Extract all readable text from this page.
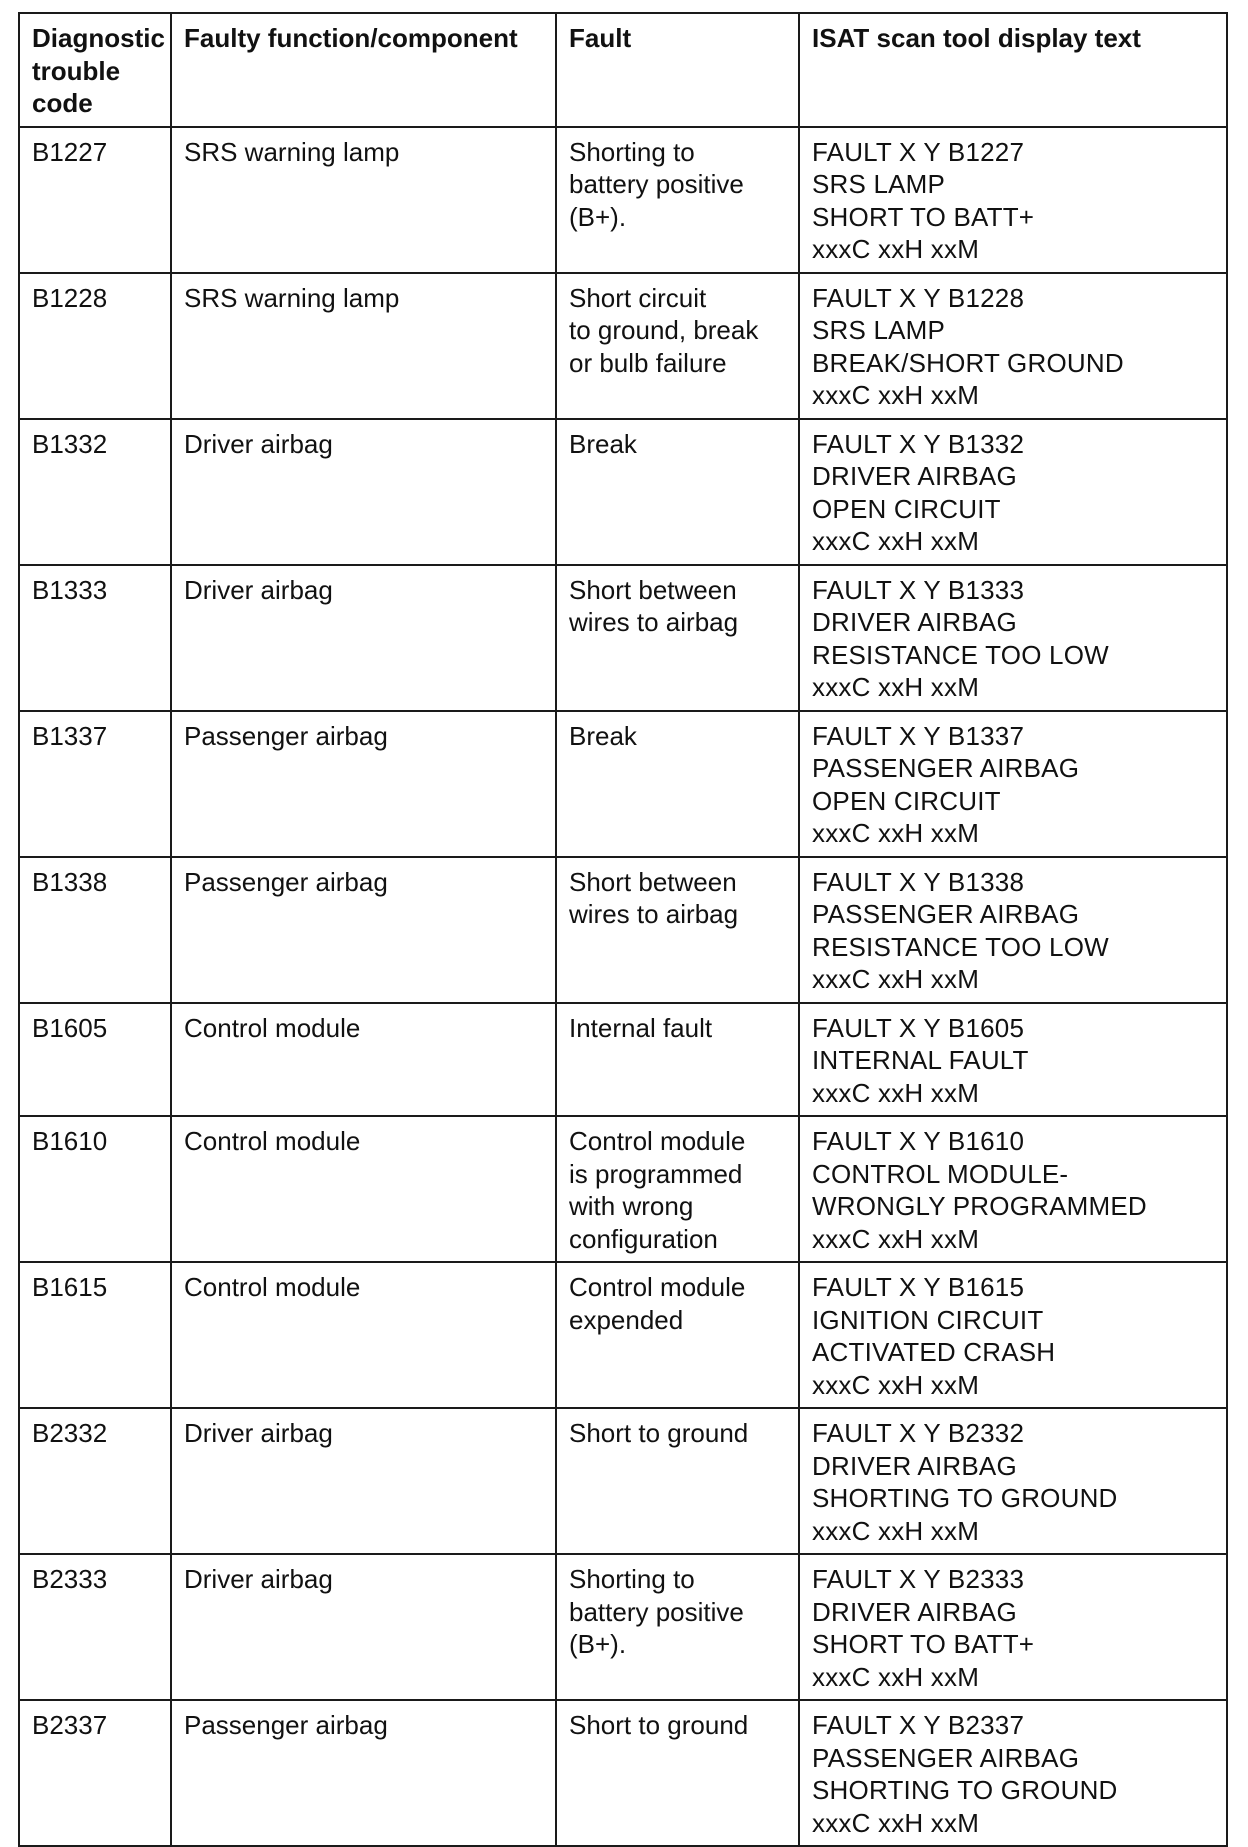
Diagnostic trouble code	Faulty function/component	Fault	ISAT scan tool display text
B1227	SRS warning lamp	Shorting to
battery positive
(B+).	FAULT X Y B1227
SRS LAMP
SHORT TO BATT+
xxxC xxH xxM
B1228	SRS warning lamp	Short circuit
to ground, break
or bulb failure	FAULT X Y B1228
SRS LAMP
BREAK/SHORT GROUND
xxxC xxH xxM
B1332	Driver airbag	Break	FAULT X Y B1332
DRIVER AIRBAG
OPEN CIRCUIT
xxxC xxH xxM
B1333	Driver airbag	Short between
wires to airbag	FAULT X Y B1333
DRIVER AIRBAG
RESISTANCE TOO LOW
xxxC xxH xxM
B1337	Passenger airbag	Break	FAULT X Y B1337
PASSENGER AIRBAG
OPEN CIRCUIT
xxxC xxH xxM
B1338	Passenger airbag	Short between
wires to airbag	FAULT X Y B1338
PASSENGER AIRBAG
RESISTANCE TOO LOW
xxxC xxH xxM
B1605	Control module	Internal fault	FAULT X Y B1605
INTERNAL FAULT
xxxC xxH xxM
B1610	Control module	Control module
is programmed
with wrong
configuration	FAULT X Y B1610
CONTROL MODULE-
WRONGLY PROGRAMMED
xxxC xxH xxM
B1615	Control module	Control module
expended	FAULT X Y B1615
IGNITION CIRCUIT
ACTIVATED CRASH
xxxC xxH xxM
B2332	Driver airbag	Short to ground	FAULT X Y B2332
DRIVER AIRBAG
SHORTING TO GROUND
xxxC xxH xxM
B2333	Driver airbag	Shorting to
battery positive
(B+).	FAULT X Y B2333
DRIVER AIRBAG
SHORT TO BATT+
xxxC xxH xxM
B2337	Passenger airbag	Short to ground	FAULT X Y B2337
PASSENGER AIRBAG
SHORTING TO GROUND
xxxC xxH xxM
